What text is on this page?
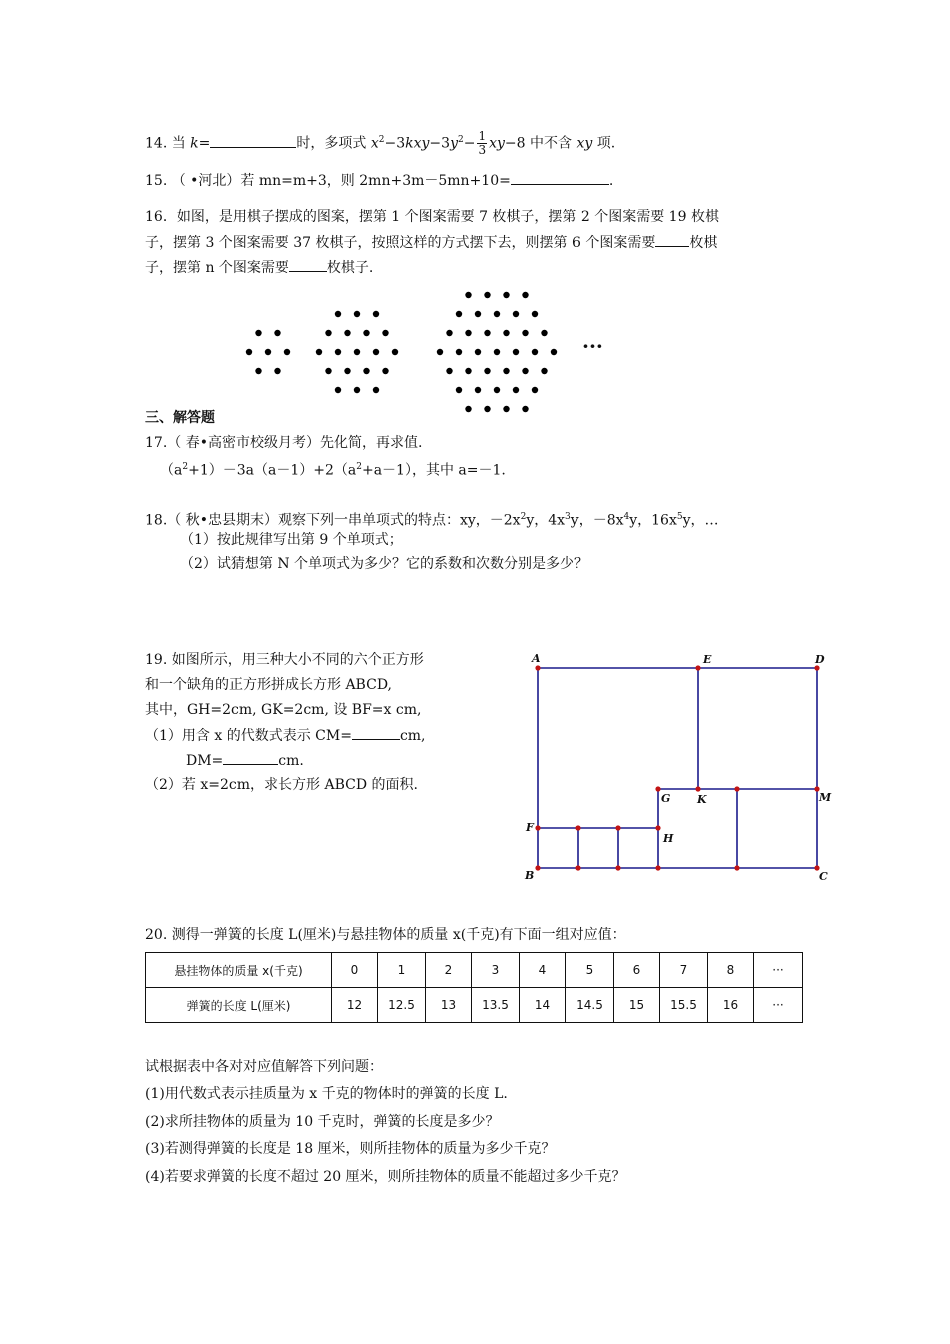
14. 当 k=	时，多项式 $x^2-3kxy-3y^2- \frac{1}{3} xy-8$ 中不含 xy 项.
15. （ •河北）若 mn=m+3，则 2mn+3m－5mn+10=	.
16．如图，是用棋子摆成的图案，摆第 1 个图案需要 7 枚棋子，摆第 2 个图案需要 19 枚棋
子，摆第 3 个图案需要 37 枚棋子，按照这样的方式摆下去，则摆第 6 个图案需要 枚棋
子，摆第 n 个图案需要	枚棋子.
···
三、解答题
17.（ 春•高密市校级月考）先化简，再求值.
$(a^2+1)-3a(a-1)+2(a^2+a-1)$，其中 a=－1.
18.（ 秋•忠县期末）观察下列一串单项式的特点：xy，$-2x^2y$，$4x^3y$，$-8x^4y$，$16x^5y$，…
（1）按此规律写出第 9 个单项式；
（2）试猜想第 N 个单项式为多少？它的系数和次数分别是多少？
19. 如图所示，用三种大小不同的六个正方形
和一个缺角的正方形拼成长方形 ABCD,
其中，GH=2cm, GK=2cm, 设 BF=x cm,
（1）用含 x 的代数式表示 CM=	cm,
DM=	cm.
（2）若 x=2cm，求长方形 ABCD 的面积.
A	E	D
G K	M
F
H
B	C
20. 测得一弹簧的长度 L(厘米)与悬挂物体的质量 x(千克)有下面一组对应值：
悬挂物体的质量 x(千克)	0	1	2	3	4	5	6	7	8	···
弹簧的长度 L(厘米)	12	12.5	13	13.5	14	14.5	15	15.5	16	···
试根据表中各对对应值解答下列问题：
(1)用代数式表示挂质量为 x 千克的物体时的弹簧的长度 L.
(2)求所挂物体的质量为 10 千克时，弹簧的长度是多少？
(3)若测得弹簧的长度是 18 厘米，则所挂物体的质量为多少千克？
(4)若要求弹簧的长度不超过 20 厘米，则所挂物体的质量不能超过多少千克？
